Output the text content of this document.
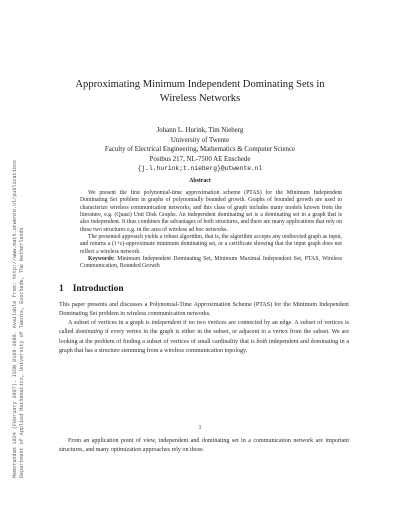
Memorandum 1824 (February 2007). ISSN 0169-2690. Available from: http://www.math.utwente.nl/publications Department of Applied Mathematics, University of Twente, Enschede, The Netherlands
Approximating Minimum Independent Dominating Sets in
Wireless Networks
Johann L. Hurink, Tim Nieberg
University of Twente
Faculty of Electrical Engineering, Mathematics & Computer Science
Postbus 217, NL-7500 AE Enschede
{j.l.hurink;t.nieberg}@utwente.nl
Abstract

We present the first polynomial-time approximation scheme (PTAS) for the Minimum Independent Dominating Set problem in graphs of polynomially bounded growth. Graphs of bounded growth are used to characterize wireless communication networks, and this class of graph includes many models known from the literature, e.g. (Quasi) Unit Disk Graphs. An independent dominating set is a dominating set in a graph that is also independent. It thus combines the advantages of both structures, and there are many applications that rely on these two structures e.g. in the area of wireless ad hoc networks.

The presented approach yields a robust algorithm, that is, the algorithm accepts any undirected graph as input, and returns a (1+ε)-approximate minimum dominating set, or a certificate showing that the input graph does not reflect a wireless network.

Keywords: Minimum Independent Dominating Set, Minimum Maximal Independent Set, PTAS, Wireless Communication, Bounded Growth

1 Introduction

This paper presents and discusses a Polynomial-Time Approximation Scheme (PTAS) for the Minimum Independent Dominating Set problem in wireless communication networks.

A subset of vertices in a graph is independent if no two vertices are connected by an edge. A subset of vertices is called dominating if every vertex in the graph is either in the subset, or adjacent to a vertex from the subset. We are looking at the problem of finding a subset of vertices of small cardinality that is both independent and dominating in a graph that has a structure stemming from a wireless communication topology.

1

From an application point of view, independent and dominating set in a communication network are important structures, and many optimization approaches rely on those.
